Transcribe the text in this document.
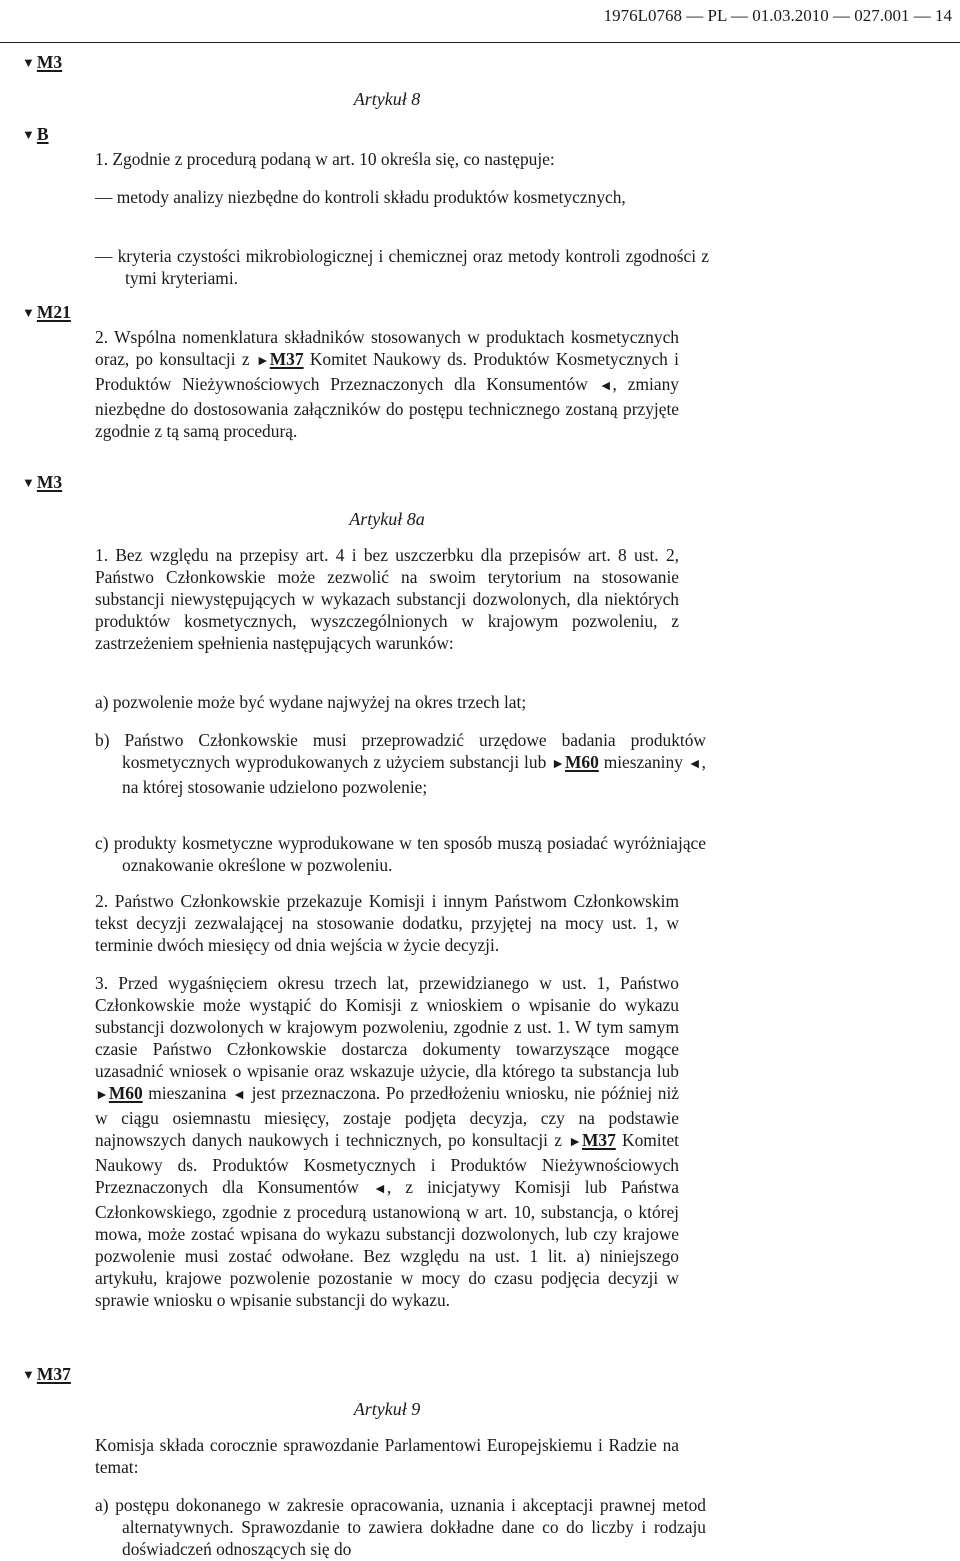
1976L0768 — PL — 01.03.2010 — 027.001 — 14
▼ M3
▼ B
▼ M21
▼ M3
▼ M37

Artykuł 8

1. Zgodnie z procedurą podaną w art. 10 określa się, co następuje:

— metody analizy niezbędne do kontroli składu produktów kosmetycznych,

— kryteria czystości mikrobiologicznej i chemicznej oraz metody kontroli zgodności z tymi kryteriami.

2. Wspólna nomenklatura składników stosowanych w produktach kosmetycznych oraz, po konsultacji z ►M37 Komitet Naukowy ds. Produktów Kosmetycznych i Produktów Nieżywnościowych Przeznaczonych dla Konsumentów ◄, zmiany niezbędne do dostosowania załączników do postępu technicznego zostaną przyjęte zgodnie z tą samą procedurą.

Artykuł 8a

1. Bez względu na przepisy art. 4 i bez uszczerbku dla przepisów art. 8 ust. 2, Państwo Członkowskie może zezwolić na swoim terytorium na stosowanie substancji niewystępujących w wykazach substancji dozwolonych, dla niektórych produktów kosmetycznych, wyszczególnionych w krajowym pozwoleniu, z zastrzeżeniem spełnienia następujących warunków:

a) pozwolenie może być wydane najwyżej na okres trzech lat;

b) Państwo Członkowskie musi przeprowadzić urzędowe badania produktów kosmetycznych wyprodukowanych z użyciem substancji lub ►M60 mieszaniny ◄, na której stosowanie udzielono pozwolenie;

c) produkty kosmetyczne wyprodukowane w ten sposób muszą posiadać wyróżniające oznakowanie określone w pozwoleniu.

2. Państwo Członkowskie przekazuje Komisji i innym Państwom Członkowskim tekst decyzji zezwalającej na stosowanie dodatku, przyjętej na mocy ust. 1, w terminie dwóch miesięcy od dnia wejścia w życie decyzji.

3. Przed wygaśnięciem okresu trzech lat, przewidzianego w ust. 1, Państwo Członkowskie może wystąpić do Komisji z wnioskiem o wpisanie do wykazu substancji dozwolonych w krajowym pozwoleniu, zgodnie z ust. 1. W tym samym czasie Państwo Członkowskie dostarcza dokumenty towarzyszące mogące uzasadnić wniosek o wpisanie oraz wskazuje użycie, dla którego ta substancja lub ►M60 mieszanina ◄ jest przeznaczona. Po przedłożeniu wniosku, nie później niż w ciągu osiemnastu miesięcy, zostaje podjęta decyzja, czy na podstawie najnowszych danych naukowych i technicznych, po konsultacji z ►M37 Komitet Naukowy ds. Produktów Kosmetycznych i Produktów Nieżywnościowych Przeznaczonych dla Konsumentów ◄, z inicjatywy Komisji lub Państwa Członkowskiego, zgodnie z procedurą ustanowioną w art. 10, substancja, o której mowa, może zostać wpisana do wykazu substancji dozwolonych, lub czy krajowe pozwolenie musi zostać odwołane. Bez względu na ust. 1 lit. a) niniejszego artykułu, krajowe pozwolenie pozostanie w mocy do czasu podjęcia decyzji w sprawie wniosku o wpisanie substancji do wykazu.

Artykuł 9

Komisja składa corocznie sprawozdanie Parlamentowi Europejskiemu i Radzie na temat:

a) postępu dokonanego w zakresie opracowania, uznania i akceptacji prawnej metod alternatywnych. Sprawozdanie to zawiera dokładne dane co do liczby i rodzaju doświadczeń odnoszących się do
